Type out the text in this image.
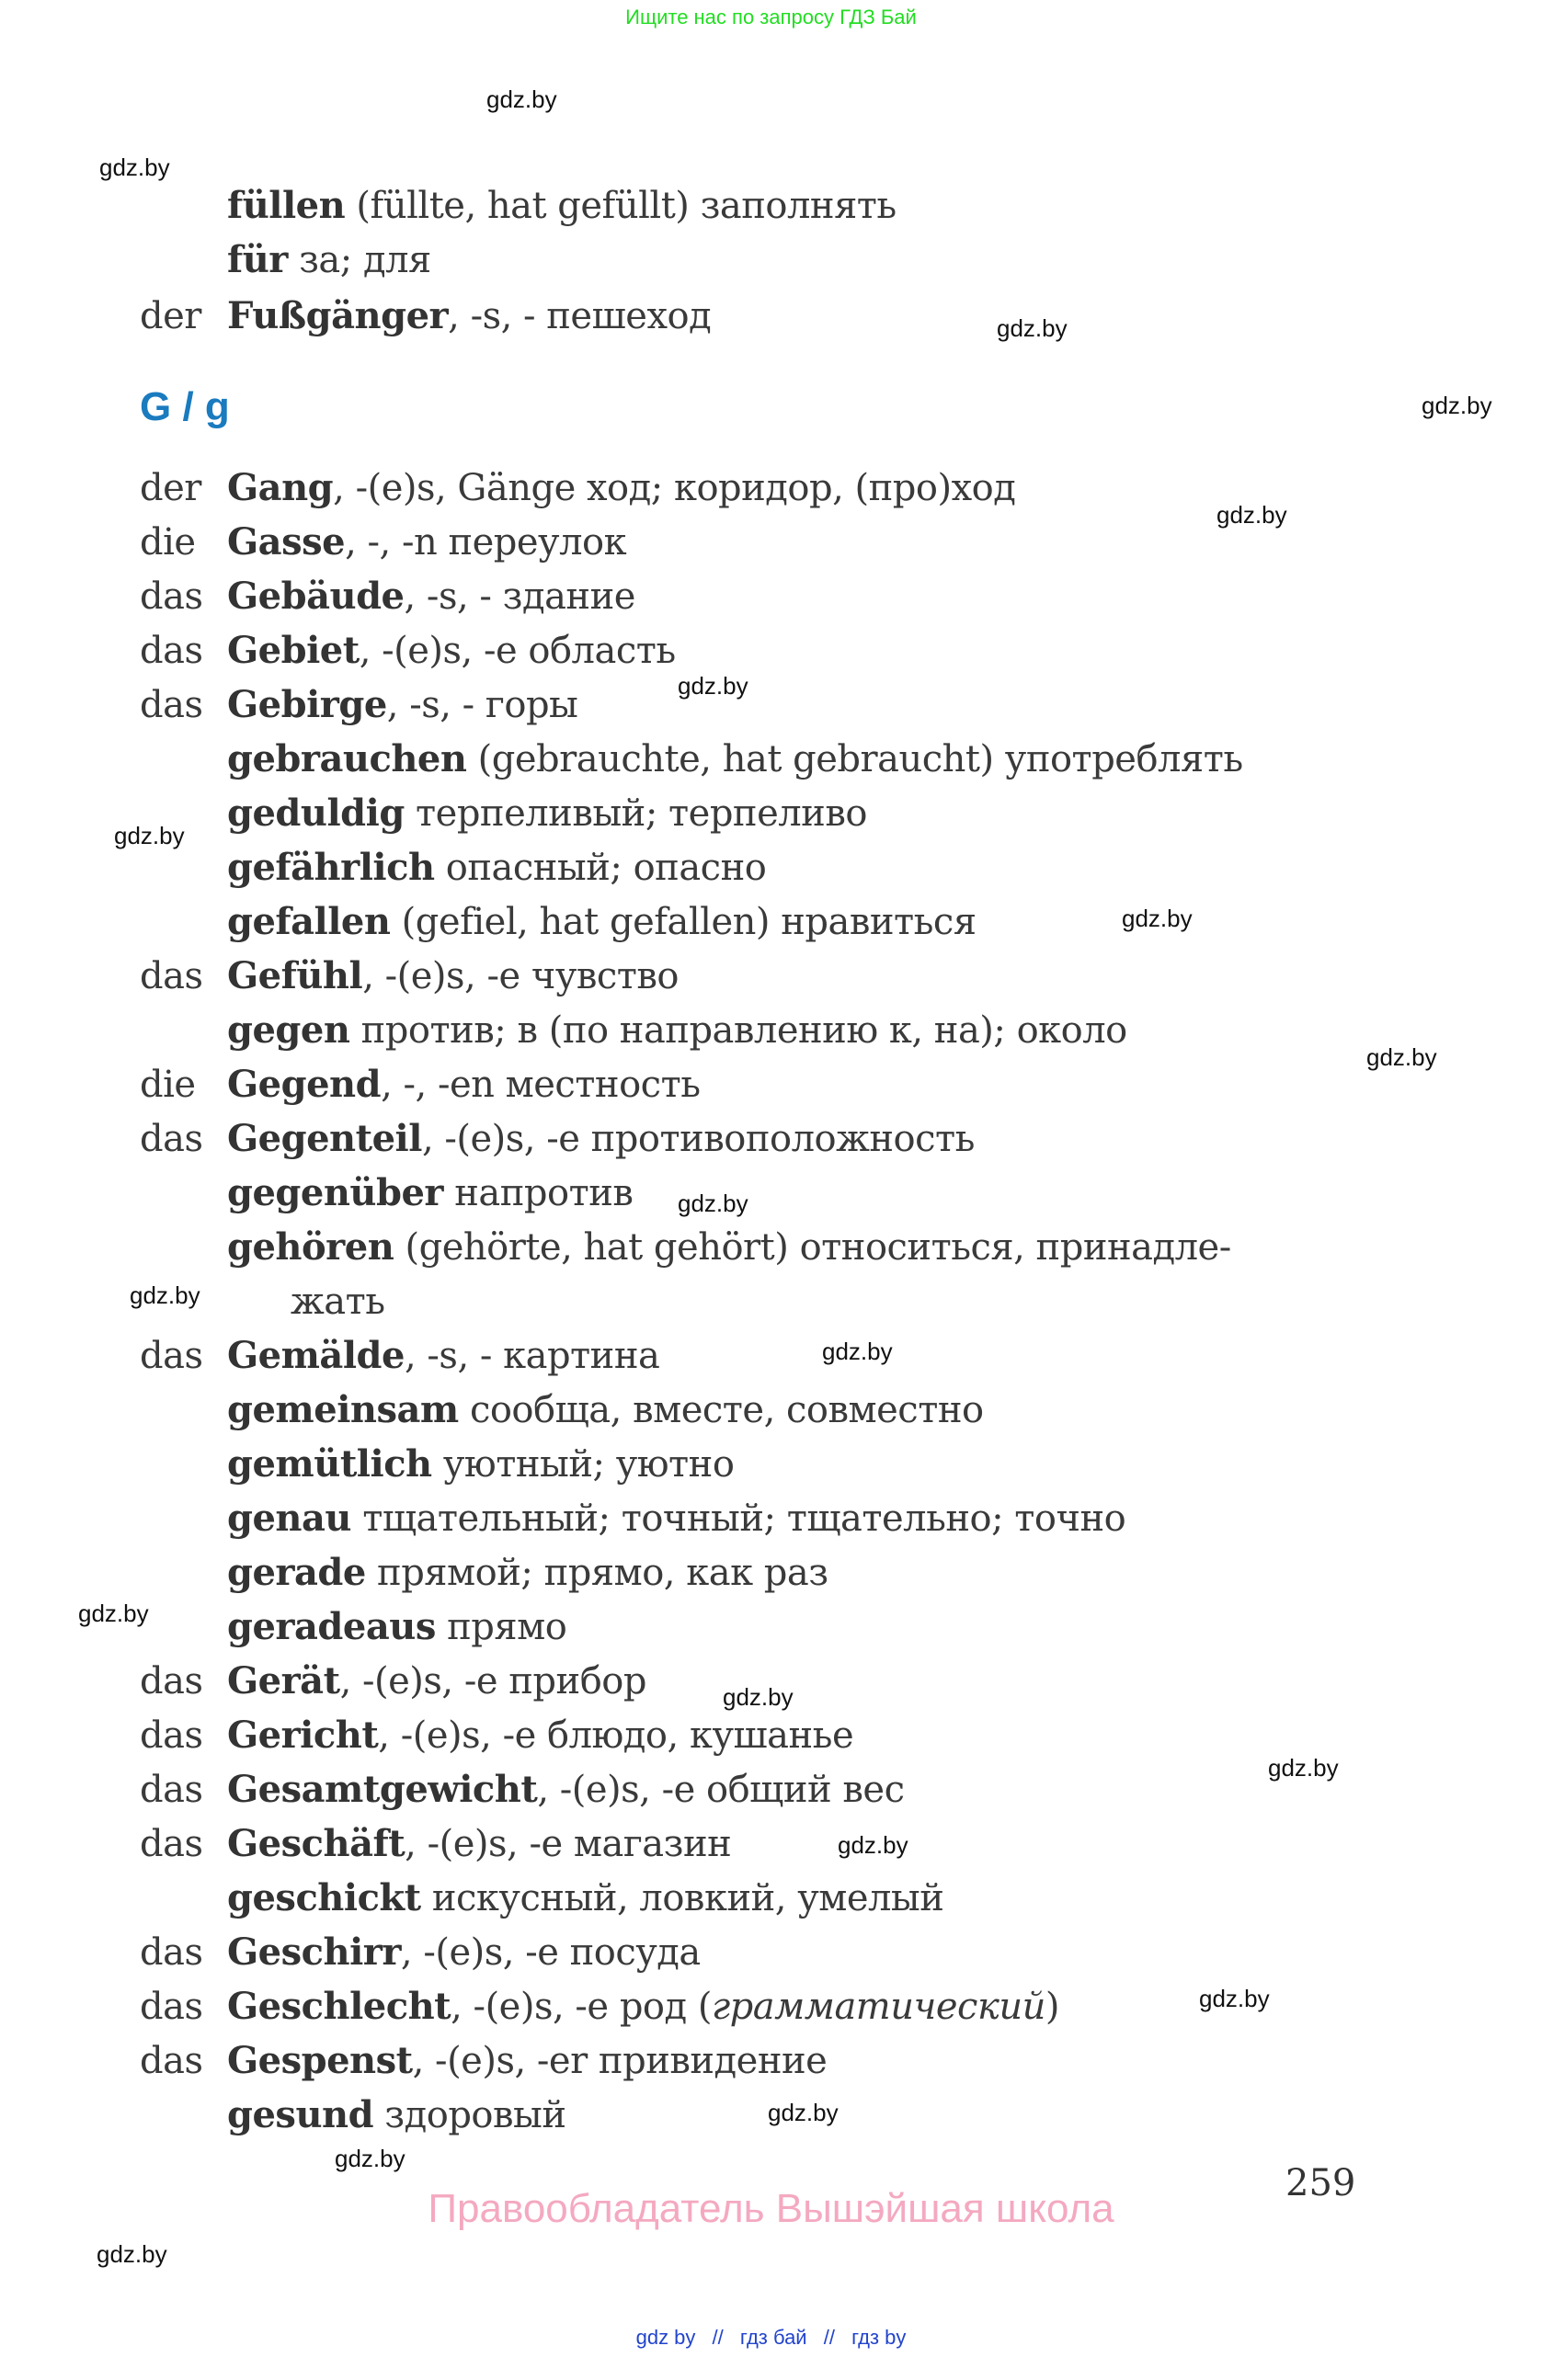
Ищите нас по запросу ГДЗ Бай
füllen (füllte, hat gefüllt) заполнять
für за; для
der Fußgänger, -s, - пешеход
G / g
der Gang, -(e)s, Gänge ход; коридор, (про)ход
die Gasse, -, -n переулок
das Gebäude, -s, - здание
das Gebiet, -(e)s, -e область
das Gebirge, -s, - горы
gebrauchen (gebrauchte, hat gebraucht) употреблять
geduldig терпеливый; терпеливо
gefährlich опасный; опасно
gefallen (gefiel, hat gefallen) нравиться
das Gefühl, -(e)s, -e чувство
gegen против; в (по направлению к, на); около
die Gegend, -, -en местность
das Gegenteil, -(e)s, -e противоположность
gegenüber напротив
gehören (gehörte, hat gehört) относиться, принадле-
жать
das Gemälde, -s, - картина
gemeinsam сообща, вместе, совместно
gemütlich уютный; уютно
genau тщательный; точный; тщательно; точно
gerade прямой; прямо, как раз
geradeaus прямо
das Gerät, -(e)s, -e прибор
das Gericht, -(e)s, -e блюдо, кушанье
das Gesamtgewicht, -(e)s, -e общий вес
das Geschäft, -(e)s, -e магазин
geschickt искусный, ловкий, умелый
das Geschirr, -(e)s, -e посуда
das Geschlecht, -(e)s, -e род (грамматический)
das Gespenst, -(e)s, -er привидение
gesund здоровый
gdz.by
gdz.by
gdz.by
gdz.by
gdz.by
gdz.by
gdz.by
gdz.by
gdz.by
gdz.by
gdz.by
gdz.by
gdz.by
gdz.by
gdz.by
gdz.by
gdz.by
gdz.by
gdz.by
gdz.by
259
Правообладатель Вышэйшая школа
gdz by // гдз бай // гдз by
